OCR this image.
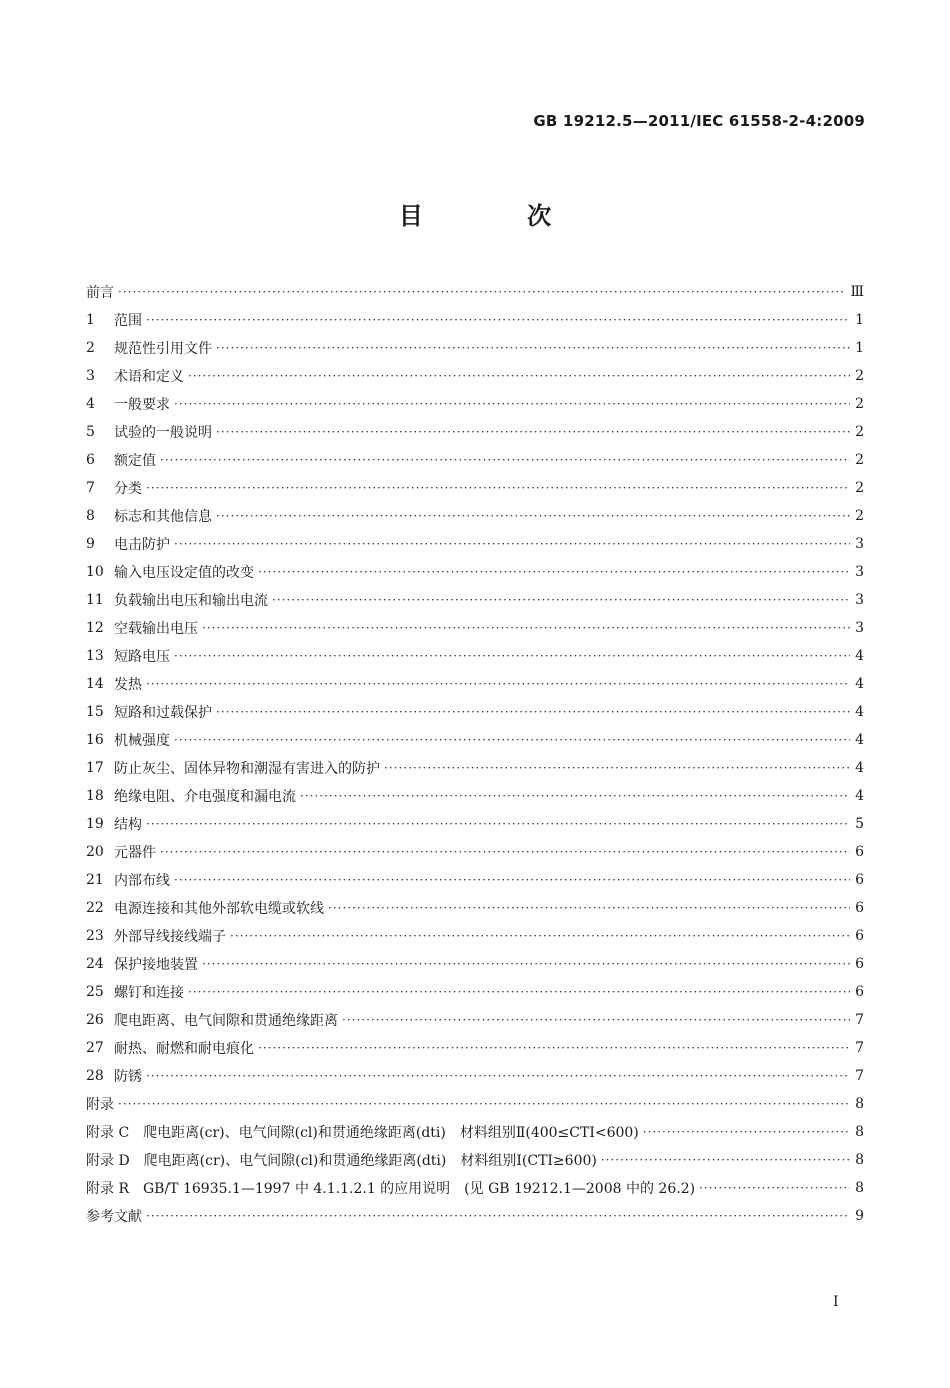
GB 19212.5—2011/IEC 61558-2-4:2009
目 次
前言 ·····	Ⅲ
1	范围 ·····	1
2	规范性引用文件 ·····	1
3	术语和定义 ·····	2
4	一般要求 ·····	2
5	试验的一般说明 ·····	2
6	额定值 ·····	2
7	分类 ·····	2
8	标志和其他信息 ·····	2
9	电击防护 ·····	3
10 输入电压设定值的改变 ·····	3
11 负载输出电压和输出电流 ·····	3
12 空载输出电压 ·····	3
13 短路电压 ·····	4
14 发热 ·····	4
15 短路和过载保护 ·····	4
16 机械强度 ·····	4
17 防止灰尘、固体异物和潮湿有害进入的防护 ·····	4
18 绝缘电阻、介电强度和漏电流 ·····	4
19 结构 ·····	5
20 元器件 ·····	6
21 内部布线 ·····	6
22 电源连接和其他外部软电缆或软线 ·····	6
23 外部导线接线端子 ·····	6
24 保护接地装置 ·····	6
25 螺钉和连接 ·····	6
26 爬电距离、电气间隙和贯通绝缘距离 ·····	7
27 耐热、耐燃和耐电痕化 ·····	7
28 防锈 ·····	7
附录 ·····	8
附录 C　爬电距离(cr)、电气间隙(cl)和贯通绝缘距离(dti)　材料组别Ⅱ(400≤CTI<600) ·····	8
附录 D　爬电距离(cr)、电气间隙(cl)和贯通绝缘距离(dti)　材料组别Ⅰ(CTI≥600) ·····	8
附录 R　GB/T 16935.1—1997 中 4.1.1.2.1 的应用说明　(见 GB 19212.1—2008 中的 26.2) ·····	8
参考文献 ·····	9
I
